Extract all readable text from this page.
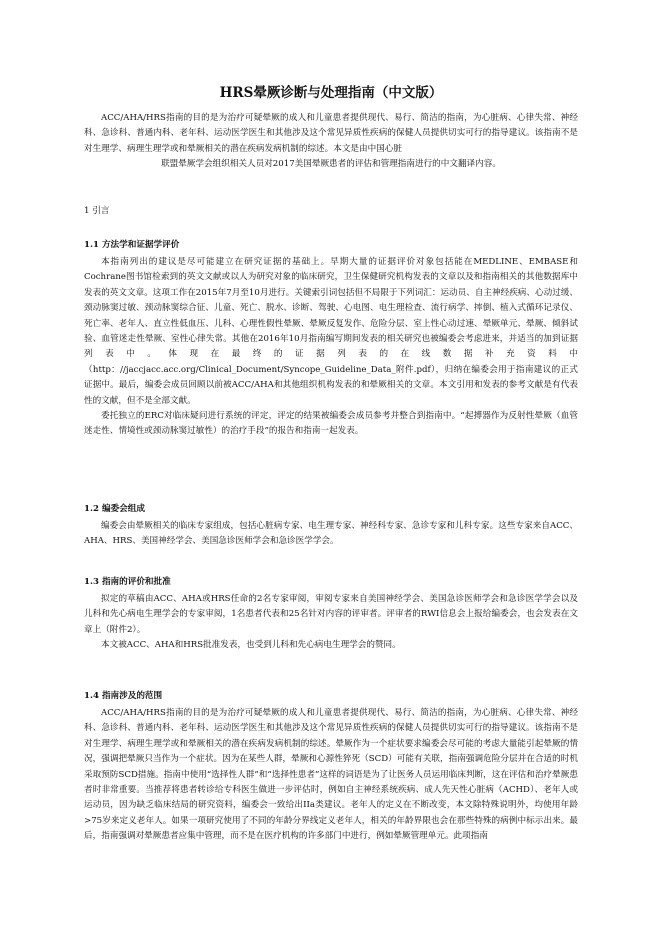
HRS晕厥诊断与处理指南（中文版）

ACC/AHA/HRS指南的目的是为治疗可疑晕厥的成人和儿童患者提供现代、易行、简洁的指南，为心脏病、心律失常、神经科、急诊科、普通内科、老年科、运动医学医生和其他涉及这个常见异质性疾病的保健人员提供切实可行的指导建议。该指南不是对生理学、病理生理学或和晕厥相关的潜在疾病发病机制的综述。本文是由中国心脏

联盟晕厥学会组织相关人员对2017美国晕厥患者的评估和管理指南进行的中文翻译内容。

1 引言
1.1 方法学和证据学评价

本指南列出的建议是尽可能建立在研究证据的基础上。早期大量的证据评价对象包括能在MEDLINE、EMBASE和Cochrane图书馆检索到的英文文献或以人为研究对象的临床研究，卫生保健研究机构发表的文章以及和指南相关的其他数据库中发表的英文文章。这项工作在2015年7月至10月进行。关键索引词包括但不局限于下列词汇：运动员、自主神经疾病、心动过缓、颈动脉窦过敏、颈动脉窦综合征、儿童、死亡、脱水、诊断、驾驶、心电图、电生理检查、流行病学、摔倒、植入式循环记录仪、死亡率、老年人、直立性低血压、儿科、心理性假性晕厥、晕厥反复发作、危险分层、室上性心动过速、晕厥单元、晕厥、倾斜试验、血管迷走性晕厥、室性心律失常。其他在2016年10月指南编写期间发表的相关研究也被编委会考虑进来，并适当的加到证据列表中。体现在最终的证据列表的在线数据补充资料中（http：//jaccjacc.acc.org/Clinical_Document/Syncope_Guideline_Data_附件.pdf），归纳在编委会用于指南建议的正式证据中。最后，编委会成员回顾以前被ACC/AHA和其他组织机构发表的和晕厥相关的文章。本文引用和发表的参考文献是有代表性的文献，但不是全部文献。

委托独立的ERC对临床疑问进行系统的评定，评定的结果被编委会成员参考并整合到指南中。“起搏器作为反射性晕厥（血管迷走性、情境性或颈动脉窦过敏性）的治疗手段”的报告和指南一起发表。

1.2 编委会组成

编委会由晕厥相关的临床专家组成，包括心脏病专家、电生理专家、神经科专家、急诊专家和儿科专家。这些专家来自ACC、AHA、HRS、美国神经学会、美国急诊医师学会和急诊医学学会。

1.3 指南的评价和批准

拟定的草稿由ACC、AHA或HRS任命的2名专家审阅，审阅专家来自美国神经学会、美国急诊医师学会和急诊医学学会以及儿科和先心病电生理学会的专家审阅，1名患者代表和25名针对内容的评审者。评审者的RWI信息会上报给编委会，也会发表在文章上（附件2）。

本文被ACC、AHA和HRS批准发表，也受到儿科和先心病电生理学会的赞同。

1.4 指南涉及的范围

ACC/AHA/HRS指南的目的是为治疗可疑晕厥的成人和儿童患者提供现代、易行、简洁的指南，为心脏病、心律失常、神经科、急诊科、普通内科、老年科、运动医学医生和其他涉及这个常见异质性疾病的保健人员提供切实可行的指导建议。该指南不是对生理学、病理生理学或和晕厥相关的潜在疾病发病机制的综述。晕厥作为一个症状要求编委会尽可能的考虑大量能引起晕厥的情况，强调把晕厥只当作为一个症状。因为在某些人群，晕厥和心源性猝死（SCD）可能有关联，指南强调危险分层并在合适的时机采取预防SCD措施。指南中使用“选择性人群”和“选择性患者”这样的词语是为了让医务人员运用临床判断，这在评估和治疗晕厥患者时非常重要。当推荐将患者转诊给专科医生做进一步评估时，例如自主神经系统疾病、成人先天性心脏病（ACHD）、老年人或运动员，因为缺乏临床结局的研究资料，编委会一致给出IIa类建议。老年人的定义在不断改变，本文除特殊说明外，均使用年龄>75岁来定义老年人。如果一项研究使用了不同的年龄分界线定义老年人，相关的年龄界限也会在那些特殊的病例中标示出来。最后，指南强调对晕厥患者应集中管理，而不是在医疗机构的许多部门中进行，例如晕厥管理单元。此项指南
